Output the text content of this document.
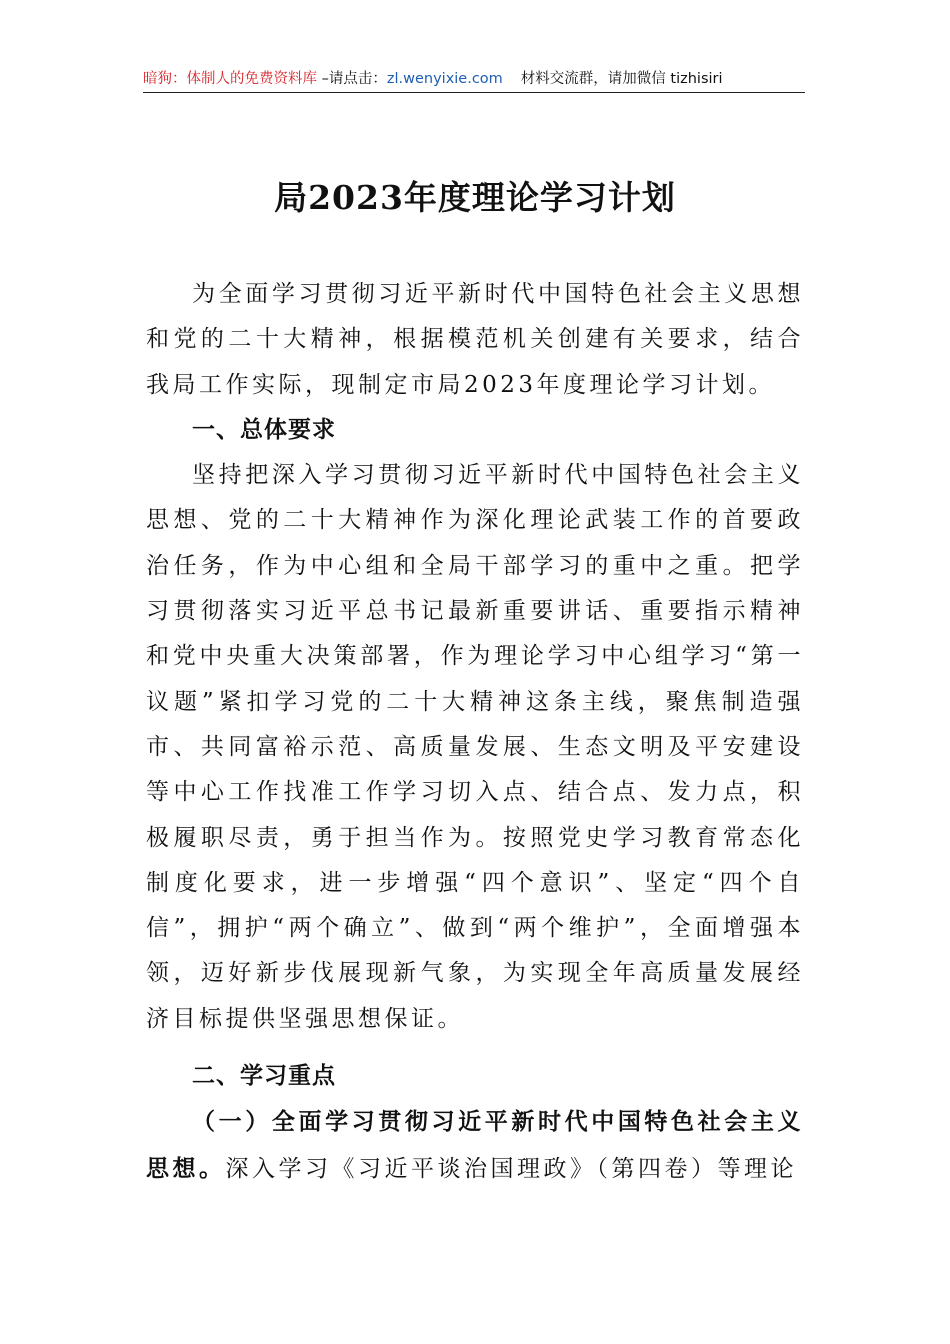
暗狗：体制人的免费资料库 –请点击：zl.wenyixie.com 材料交流群，请加微信 tizhisiri
局2023年度理论学习计划

为全面学习贯彻习近平新时代中国特色社会主义思想和党的二十大精神，根据模范机关创建有关要求，结合我局工作实际，现制定市局2023年度理论学习计划。

一、总体要求

坚持把深入学习贯彻习近平新时代中国特色社会主义思想、党的二十大精神作为深化理论武装工作的首要政治任务，作为中心组和全局干部学习的重中之重。把学习贯彻落实习近平总书记最新重要讲话、重要指示精神和党中央重大决策部署，作为理论学习中心组学习“第一议题”紧扣学习党的二十大精神这条主线，聚焦制造强市、共同富裕示范、高质量发展、生态文明及平安建设等中心工作找准工作学习切入点、结合点、发力点，积极履职尽责，勇于担当作为。按照党史学习教育常态化制度化要求，进一步增强“四个意识”、坚定“四个自信”，拥护“两个确立”、做到“两个维护”，全面增强本领，迈好新步伐展现新气象，为实现全年高质量发展经济目标提供坚强思想保证。

二、学习重点

（一）全面学习贯彻习近平新时代中国特色社会主义思想。深入学习《习近平谈治国理政》（第四卷）等理论
